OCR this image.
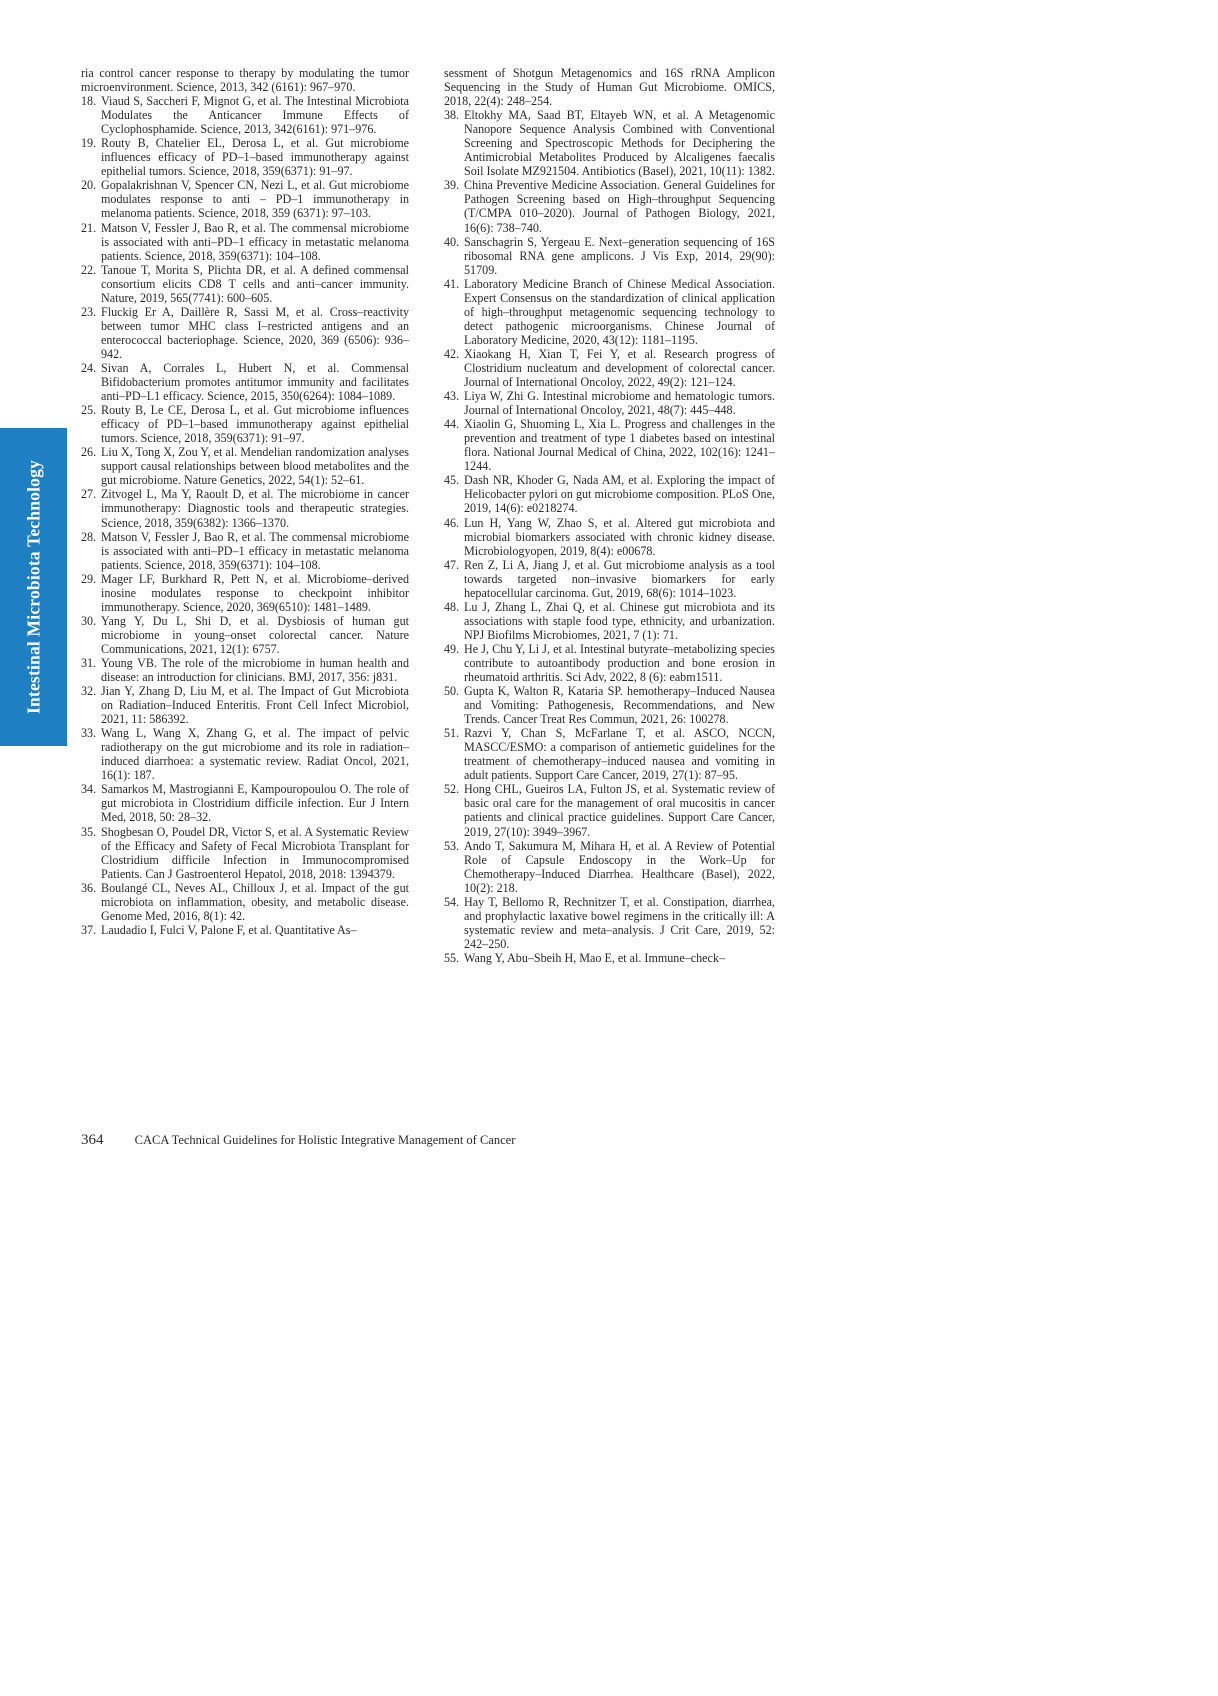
Intestinal Microbiota Technology

ria control cancer response to therapy by modulating the tumor microenvironment. Science, 2013, 342 (6161): 967–970.

18. Viaud S, Saccheri F, Mignot G, et al. The Intestinal Microbiota Modulates the Anticancer Immune Effects of Cyclophosphamide. Science, 2013, 342(6161): 971–976.

19. Routy B, Chatelier EL, Derosa L, et al. Gut microbiome influences efficacy of PD–1–based immunotherapy against epithelial tumors. Science, 2018, 359(6371): 91–97.

20. Gopalakrishnan V, Spencer CN, Nezi L, et al. Gut microbiome modulates response to anti – PD–1 immunotherapy in melanoma patients. Science, 2018, 359 (6371): 97–103.

21. Matson V, Fessler J, Bao R, et al. The commensal microbiome is associated with anti–PD–1 efficacy in metastatic melanoma patients. Science, 2018, 359(6371): 104–108.

22. Tanoue T, Morita S, Plichta DR, et al. A defined commensal consortium elicits CD8 T cells and anti–cancer immunity. Nature, 2019, 565(7741): 600–605.

23. Fluckig Er A, Daillère R, Sassi M, et al. Cross–reactivity between tumor MHC class I–restricted antigens and an enterococcal bacteriophage. Science, 2020, 369 (6506): 936–942.

24. Sivan A, Corrales L, Hubert N, et al. Commensal Bifidobacterium promotes antitumor immunity and facilitates anti–PD–L1 efficacy. Science, 2015, 350(6264): 1084–1089.

25. Routy B, Le CE, Derosa L, et al. Gut microbiome influences efficacy of PD–1–based immunotherapy against epithelial tumors. Science, 2018, 359(6371): 91–97.

26. Liu X, Tong X, Zou Y, et al. Mendelian randomization analyses support causal relationships between blood metabolites and the gut microbiome. Nature Genetics, 2022, 54(1): 52–61.

27. Zitvogel L, Ma Y, Raoult D, et al. The microbiome in cancer immunotherapy: Diagnostic tools and therapeutic strategies. Science, 2018, 359(6382): 1366–1370.

28. Matson V, Fessler J, Bao R, et al. The commensal microbiome is associated with anti–PD–1 efficacy in metastatic melanoma patients. Science, 2018, 359(6371): 104–108.

29. Mager LF, Burkhard R, Pett N, et al. Microbiome–derived inosine modulates response to checkpoint inhibitor immunotherapy. Science, 2020, 369(6510): 1481–1489.

30. Yang Y, Du L, Shi D, et al. Dysbiosis of human gut microbiome in young–onset colorectal cancer. Nature Communications, 2021, 12(1): 6757.

31. Young VB. The role of the microbiome in human health and disease: an introduction for clinicians. BMJ, 2017, 356: j831.

32. Jian Y, Zhang D, Liu M, et al. The Impact of Gut Microbiota on Radiation–Induced Enteritis. Front Cell Infect Microbiol, 2021, 11: 586392.

33. Wang L, Wang X, Zhang G, et al. The impact of pelvic radiotherapy on the gut microbiome and its role in radiation–induced diarrhoea: a systematic review. Radiat Oncol, 2021, 16(1): 187.

34. Samarkos M, Mastrogianni E, Kampouropoulou O. The role of gut microbiota in Clostridium difficile infection. Eur J Intern Med, 2018, 50: 28–32.

35. Shogbesan O, Poudel DR, Victor S, et al. A Systematic Review of the Efficacy and Safety of Fecal Microbiota Transplant for Clostridium difficile Infection in Immunocompromised Patients. Can J Gastroenterol Hepatol, 2018, 2018: 1394379.

36. Boulangé CL, Neves AL, Chilloux J, et al. Impact of the gut microbiota on inflammation, obesity, and metabolic disease. Genome Med, 2016, 8(1): 42.

37. Laudadio I, Fulci V, Palone F, et al. Quantitative As–

sessment of Shotgun Metagenomics and 16S rRNA Amplicon Sequencing in the Study of Human Gut Microbiome. OMICS, 2018, 22(4): 248–254.

38. Eltokhy MA, Saad BT, Eltayeb WN, et al. A Metagenomic Nanopore Sequence Analysis Combined with Conventional Screening and Spectroscopic Methods for Deciphering the Antimicrobial Metabolites Produced by Alcaligenes faecalis Soil Isolate MZ921504. Antibiotics (Basel), 2021, 10(11): 1382.

39. China Preventive Medicine Association. General Guidelines for Pathogen Screening based on High–throughput Sequencing (T/CMPA 010–2020). Journal of Pathogen Biology, 2021, 16(6): 738–740.

40. Sanschagrin S, Yergeau E. Next–generation sequencing of 16S ribosomal RNA gene amplicons. J Vis Exp, 2014, 29(90): 51709.

41. Laboratory Medicine Branch of Chinese Medical Association. Expert Consensus on the standardization of clinical application of high–throughput metagenomic sequencing technology to detect pathogenic microorganisms. Chinese Journal of Laboratory Medicine, 2020, 43(12): 1181–1195.

42. Xiaokang H, Xian T, Fei Y, et al. Research progress of Clostridium nucleatum and development of colorectal cancer. Journal of International Oncoloy, 2022, 49(2): 121–124.

43. Liya W, Zhi G. Intestinal microbiome and hematologic tumors. Journal of International Oncoloy, 2021, 48(7): 445–448.

44. Xiaolin G, Shuoming L, Xia L. Progress and challenges in the prevention and treatment of type 1 diabetes based on intestinal flora. National Journal Medical of China, 2022, 102(16): 1241–1244.

45. Dash NR, Khoder G, Nada AM, et al. Exploring the impact of Helicobacter pylori on gut microbiome composition. PLoS One, 2019, 14(6): e0218274.

46. Lun H, Yang W, Zhao S, et al. Altered gut microbiota and microbial biomarkers associated with chronic kidney disease. Microbiologyopen, 2019, 8(4): e00678.

47. Ren Z, Li A, Jiang J, et al. Gut microbiome analysis as a tool towards targeted non–invasive biomarkers for early hepatocellular carcinoma. Gut, 2019, 68(6): 1014–1023.

48. Lu J, Zhang L, Zhai Q, et al. Chinese gut microbiota and its associations with staple food type, ethnicity, and urbanization. NPJ Biofilms Microbiomes, 2021, 7 (1): 71.

49. He J, Chu Y, Li J, et al. Intestinal butyrate–metabolizing species contribute to autoantibody production and bone erosion in rheumatoid arthritis. Sci Adv, 2022, 8 (6): eabm1511.

50. Gupta K, Walton R, Kataria SP. hemotherapy–Induced Nausea and Vomiting: Pathogenesis, Recommendations, and New Trends. Cancer Treat Res Commun, 2021, 26: 100278.

51. Razvi Y, Chan S, McFarlane T, et al. ASCO, NCCN, MASCC/ESMO: a comparison of antiemetic guidelines for the treatment of chemotherapy–induced nausea and vomiting in adult patients. Support Care Cancer, 2019, 27(1): 87–95.

52. Hong CHL, Gueiros LA, Fulton JS, et al. Systematic review of basic oral care for the management of oral mucositis in cancer patients and clinical practice guidelines. Support Care Cancer, 2019, 27(10): 3949–3967.

53. Ando T, Sakumura M, Mihara H, et al. A Review of Potential Role of Capsule Endoscopy in the Work–Up for Chemotherapy–Induced Diarrhea. Healthcare (Basel), 2022, 10(2): 218.

54. Hay T, Bellomo R, Rechnitzer T, et al. Constipation, diarrhea, and prophylactic laxative bowel regimens in the critically ill: A systematic review and meta–analysis. J Crit Care, 2019, 52: 242–250.

55. Wang Y, Abu–Sbeih H, Mao E, et al. Immune–check–

364 CACA Technical Guidelines for Holistic Integrative Management of Cancer
